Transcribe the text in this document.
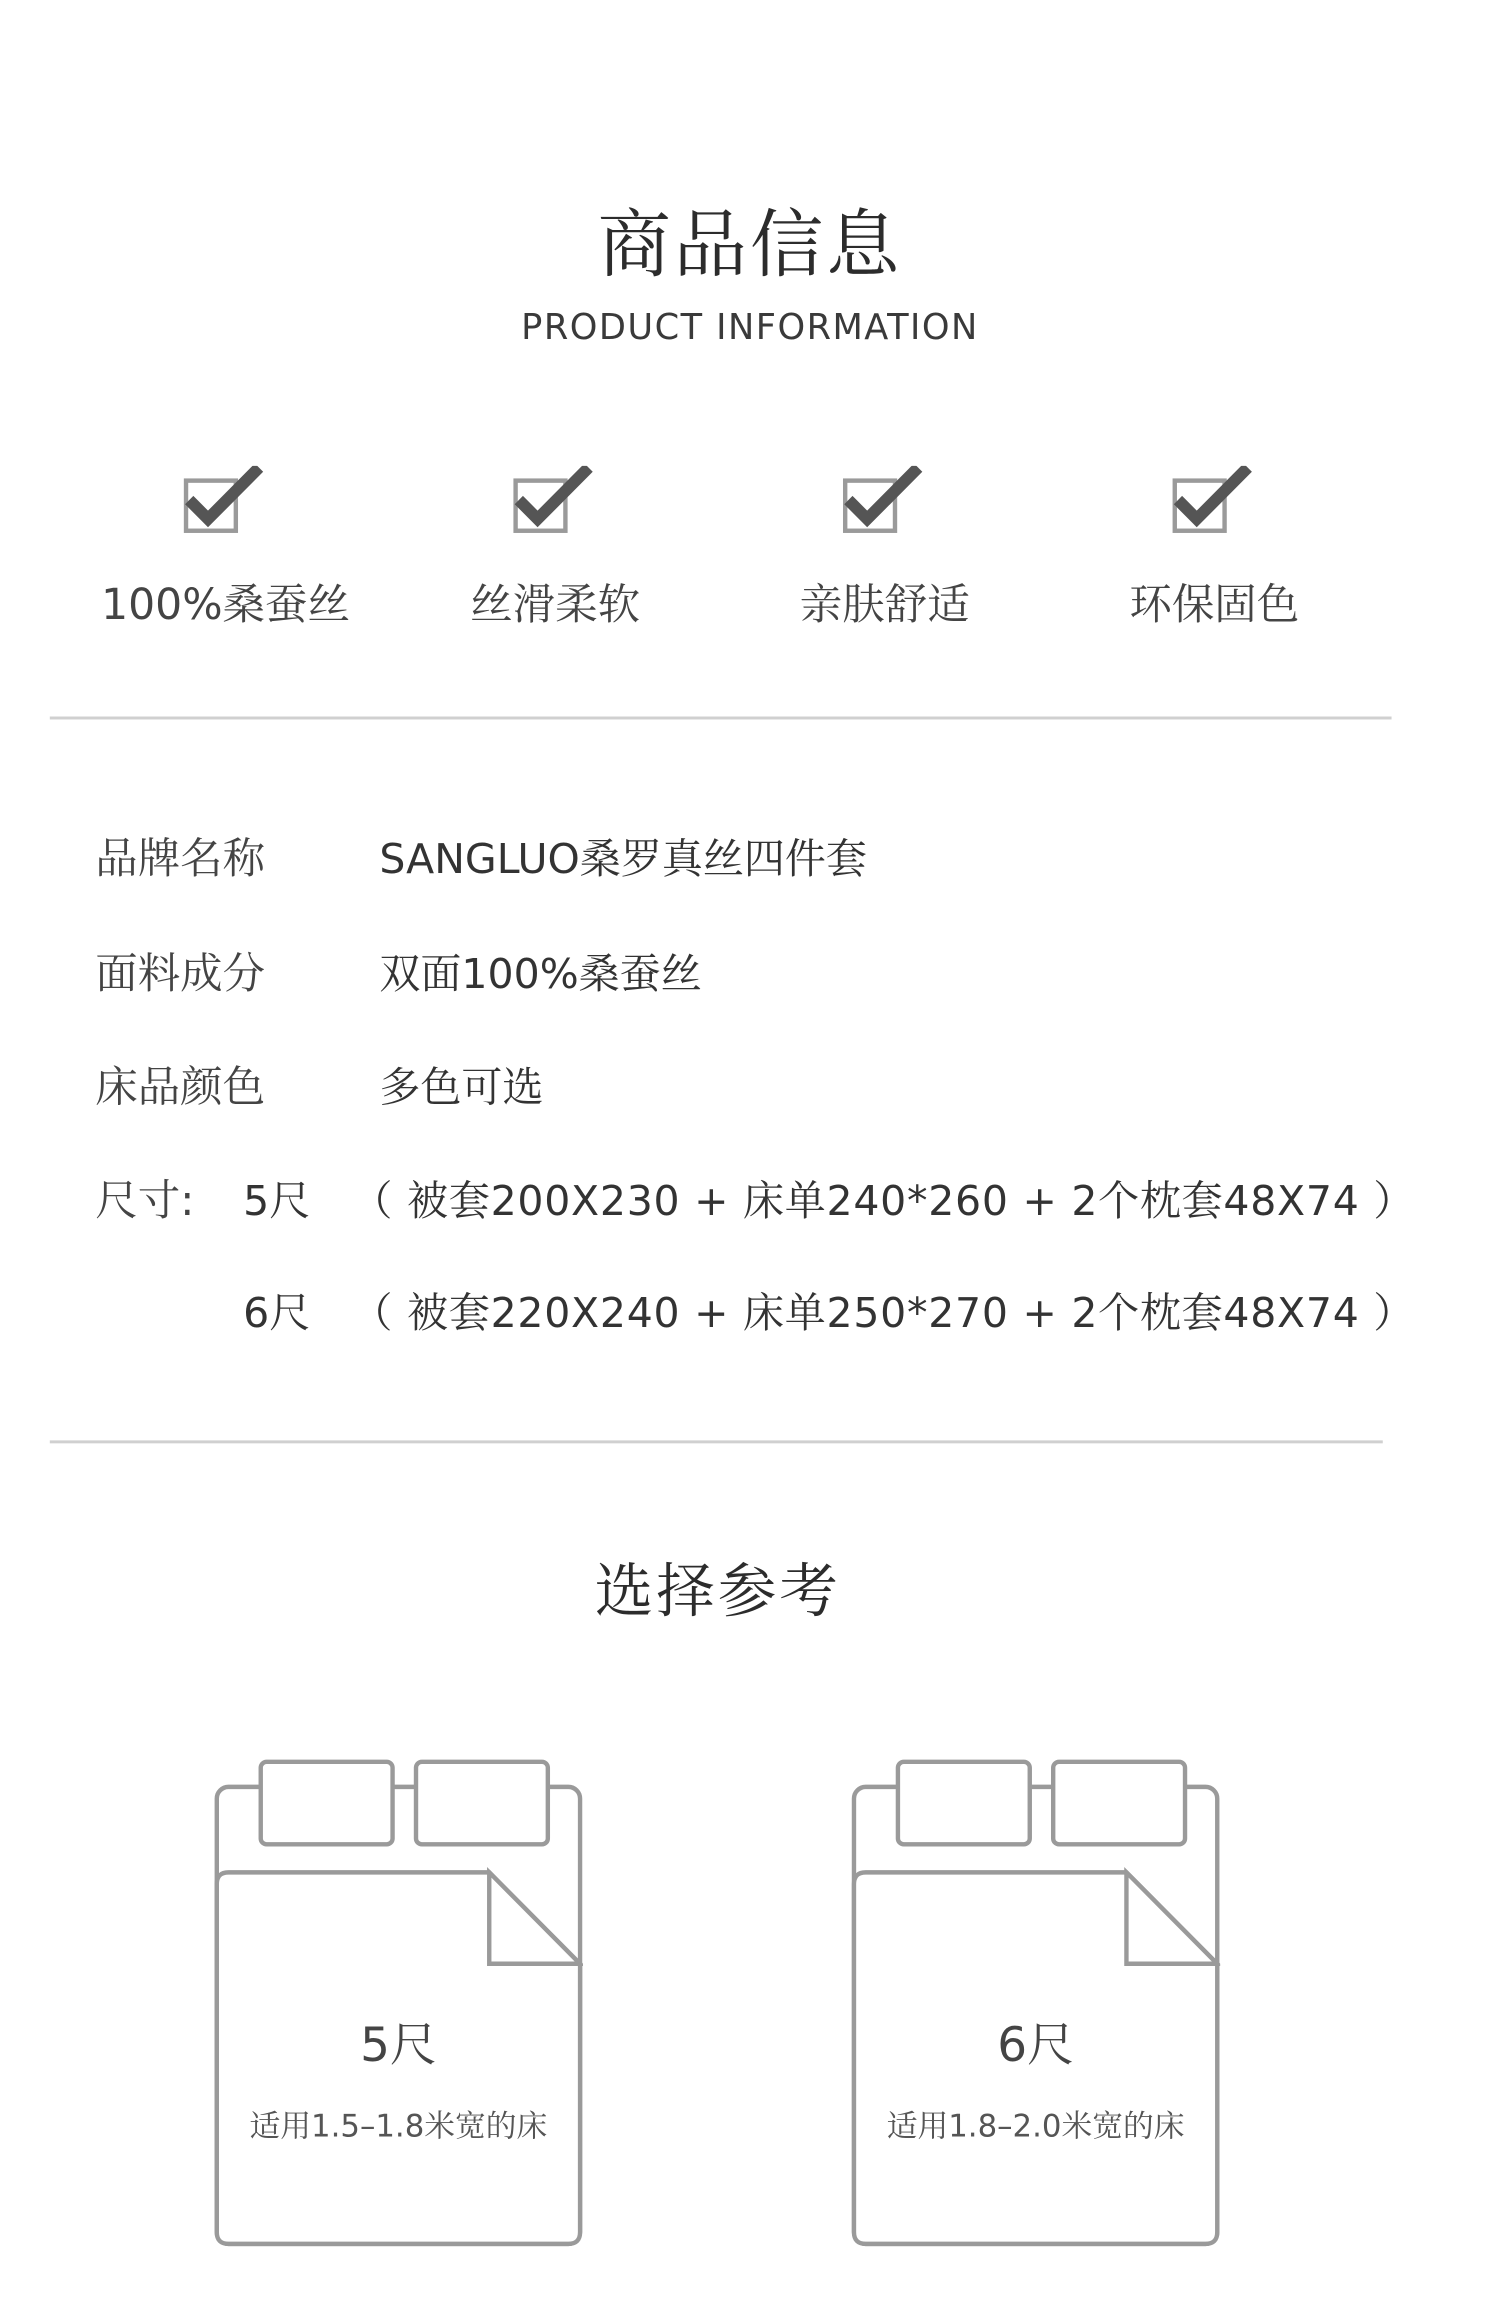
商品信息
PRODUCT INFORMATION
100%桑蚕丝	丝滑柔软	亲肤舒适	环保固色
品牌名称	SANGLUO桑罗真丝四件套
面料成分	双面100%桑蚕丝
床品颜色	多色可选
尺寸: 5尺 （ 被套200X230 + 床单240*260 + 2个枕套48X74 ）
6尺 （ 被套220X240 + 床单250*270 + 2个枕套48X74 ）
选择参考
5尺
适用1.5–1.8米宽的床
6尺
适用1.8–2.0米宽的床
